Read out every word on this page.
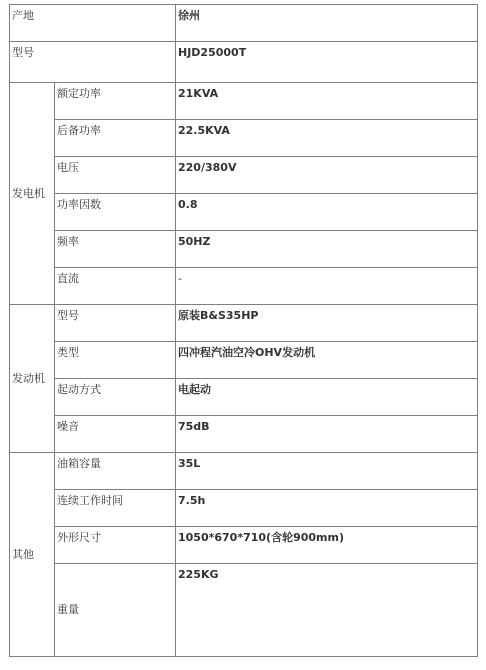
产地		徐州
型号		HJD25000T
发电机	额定功率	21KVA
	后备功率	22.5KVA
	电压	220/380V
	功率因数	0.8
	频率	50HZ
	直流	-
发动机	型号	原装B&S35HP
	类型	四冲程汽油空冷OHV发动机
	起动方式	电起动
	噪音	75dB
其他	油箱容量	35L
	连续工作时间	7.5h
	外形尺寸	1050*670*710(含轮900mm)
	重量	225KG
